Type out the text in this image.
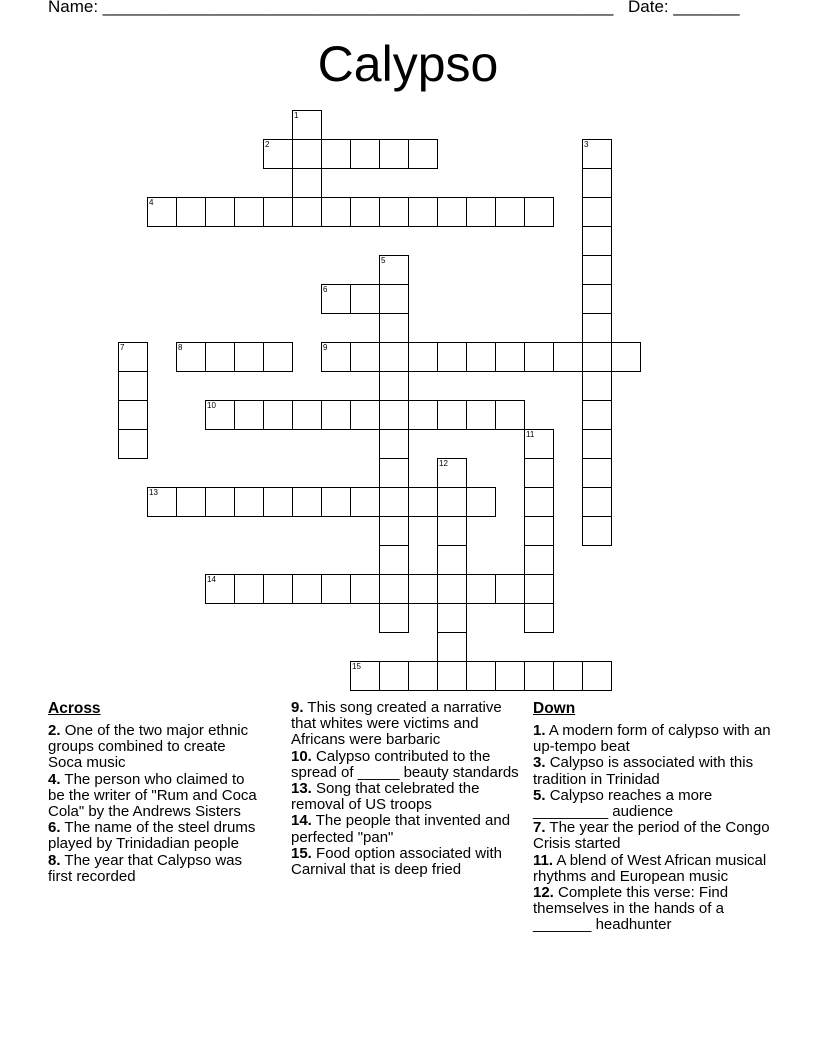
Name: ______________________________________________________ Date: _______
Calypso
1
2	3
4
5
6
7	8	9
10
11
12
13
14
15
Across

2. One of the two major ethnic groups combined to create Soca music

4. The person who claimed to be the writer of "Rum and Coca Cola" by the Andrews Sisters

6. The name of the steel drums played by Trinidadian people

8. The year that Calypso was first recorded

9. This song created a narrative that whites were victims and Africans were barbaric

10. Calypso contributed to the spread of _____ beauty standards

13. Song that celebrated the removal of US troops

14. The people that invented and perfected "pan"

15. Food option associated with Carnival that is deep fried

Down

1. A modern form of calypso with an up-tempo beat

3. Calypso is associated with this tradition in Trinidad

5. Calypso reaches a more _________ audience

7. The year the period of the Congo Crisis started

11. A blend of West African musical rhythms and European music

12. Complete this verse: Find themselves in the hands of a _______ headhunter
